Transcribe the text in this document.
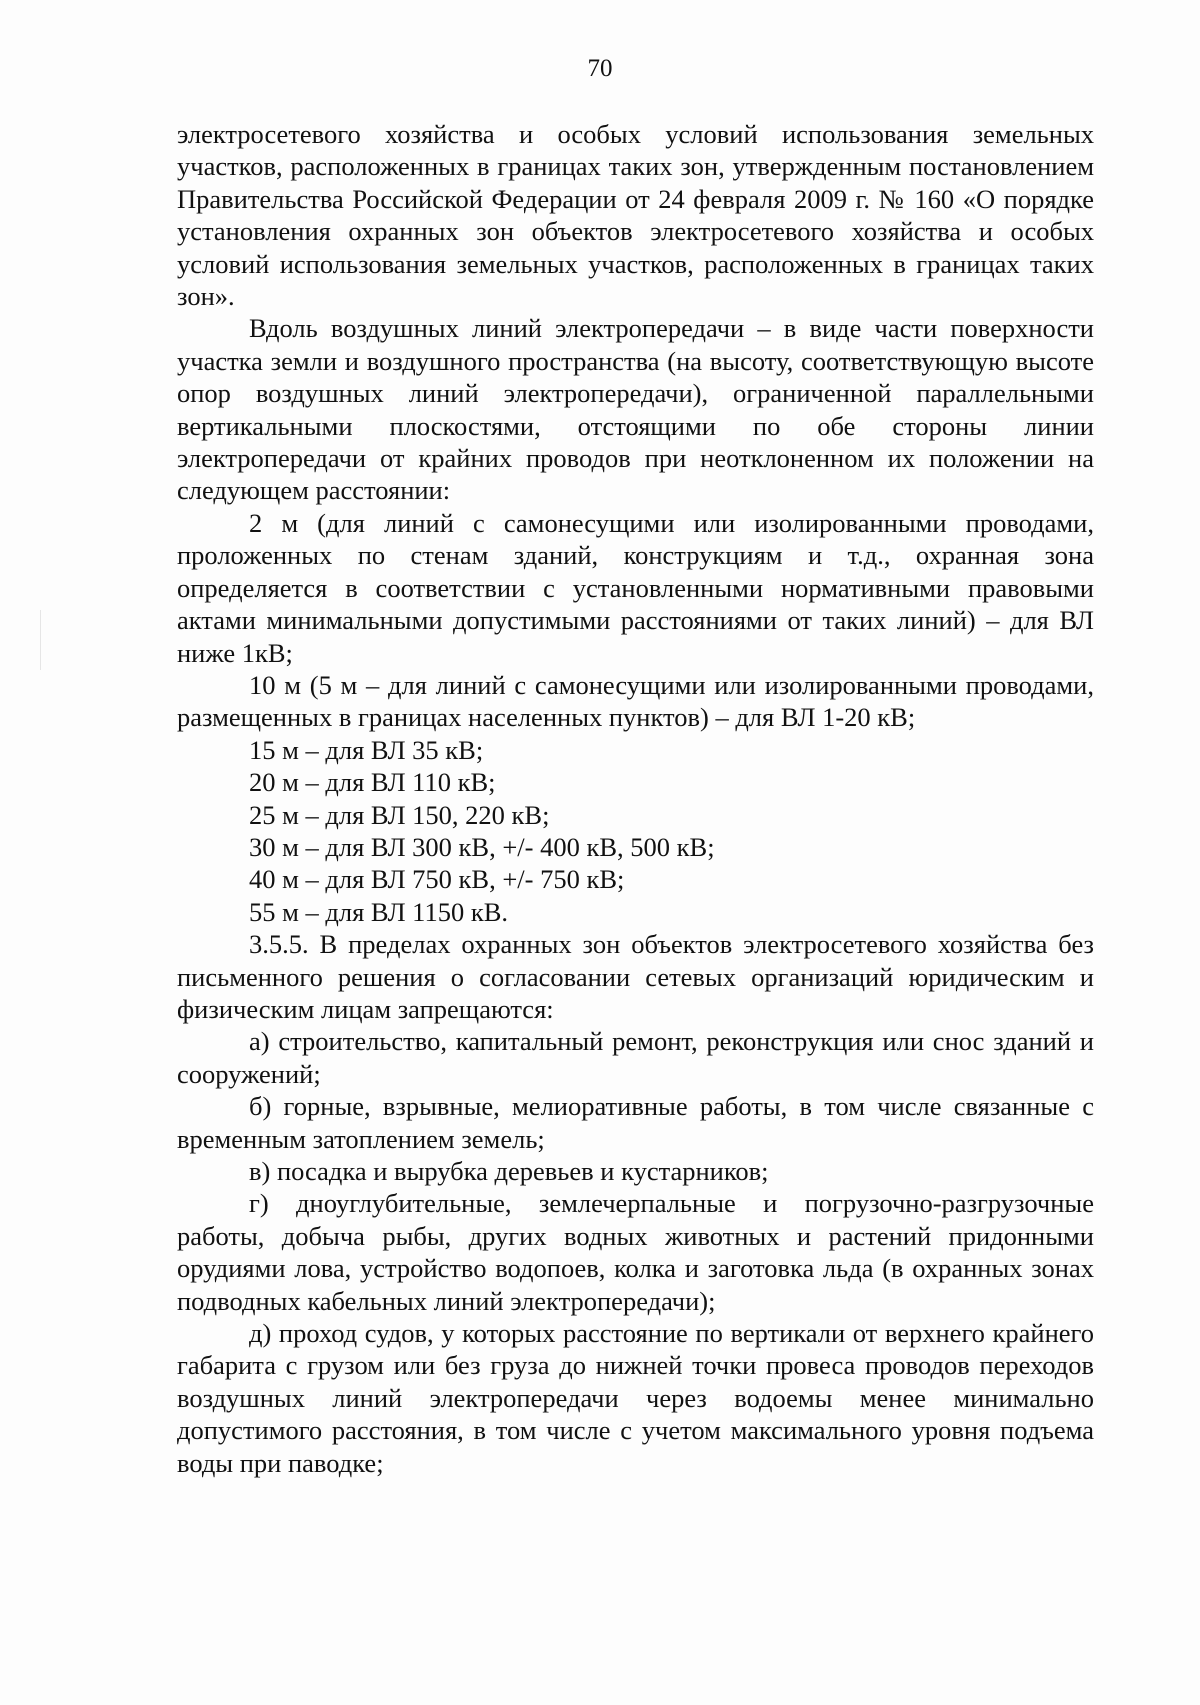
70

электросетевого хозяйства и особых условий использования земельных участков, расположенных в границах таких зон, утвержденным постановлением Правительства Российской Федерации от 24 февраля 2009 г. № 160 «О порядке установления охранных зон объектов электросетевого хозяйства и особых условий использования земельных участков, расположенных в границах таких зон».

Вдоль воздушных линий электропередачи – в виде части поверхности участка земли и воздушного пространства (на высоту, соответствующую высоте опор воздушных линий электропередачи), ограниченной параллельными вертикальными плоскостями, отстоящими по обе стороны линии электропередачи от крайних проводов при неотклоненном их положении на следующем расстоянии:

2 м (для линий с самонесущими или изолированными проводами, проложенных по стенам зданий, конструкциям и т.д., охранная зона определяется в соответствии с установленными нормативными правовыми актами минимальными допустимыми расстояниями от таких линий) – для ВЛ ниже 1кВ;

10 м (5 м – для линий с самонесущими или изолированными проводами, размещенных в границах населенных пунктов) – для ВЛ 1-20 кВ;

15 м – для ВЛ 35 кВ;

20 м – для ВЛ 110 кВ;

25 м – для ВЛ 150, 220 кВ;

30 м – для ВЛ 300 кВ, +/- 400 кВ, 500 кВ;

40 м – для ВЛ 750 кВ, +/- 750 кВ;

55 м – для ВЛ 1150 кВ.

3.5.5. В пределах охранных зон объектов электросетевого хозяйства без письменного решения о согласовании сетевых организаций юридическим и физическим лицам запрещаются:

а) строительство, капитальный ремонт, реконструкция или снос зданий и сооружений;

б) горные, взрывные, мелиоративные работы, в том числе связанные с временным затоплением земель;

в) посадка и вырубка деревьев и кустарников;

г) дноуглубительные, землечерпальные и погрузочно-разгрузочные работы, добыча рыбы, других водных животных и растений придонными орудиями лова, устройство водопоев, колка и заготовка льда (в охранных зонах подводных кабельных линий электропередачи);

д) проход судов, у которых расстояние по вертикали от верхнего крайнего габарита с грузом или без груза до нижней точки провеса проводов переходов воздушных линий электропередачи через водоемы менее минимально допустимого расстояния, в том числе с учетом максимального уровня подъема воды при паводке;
